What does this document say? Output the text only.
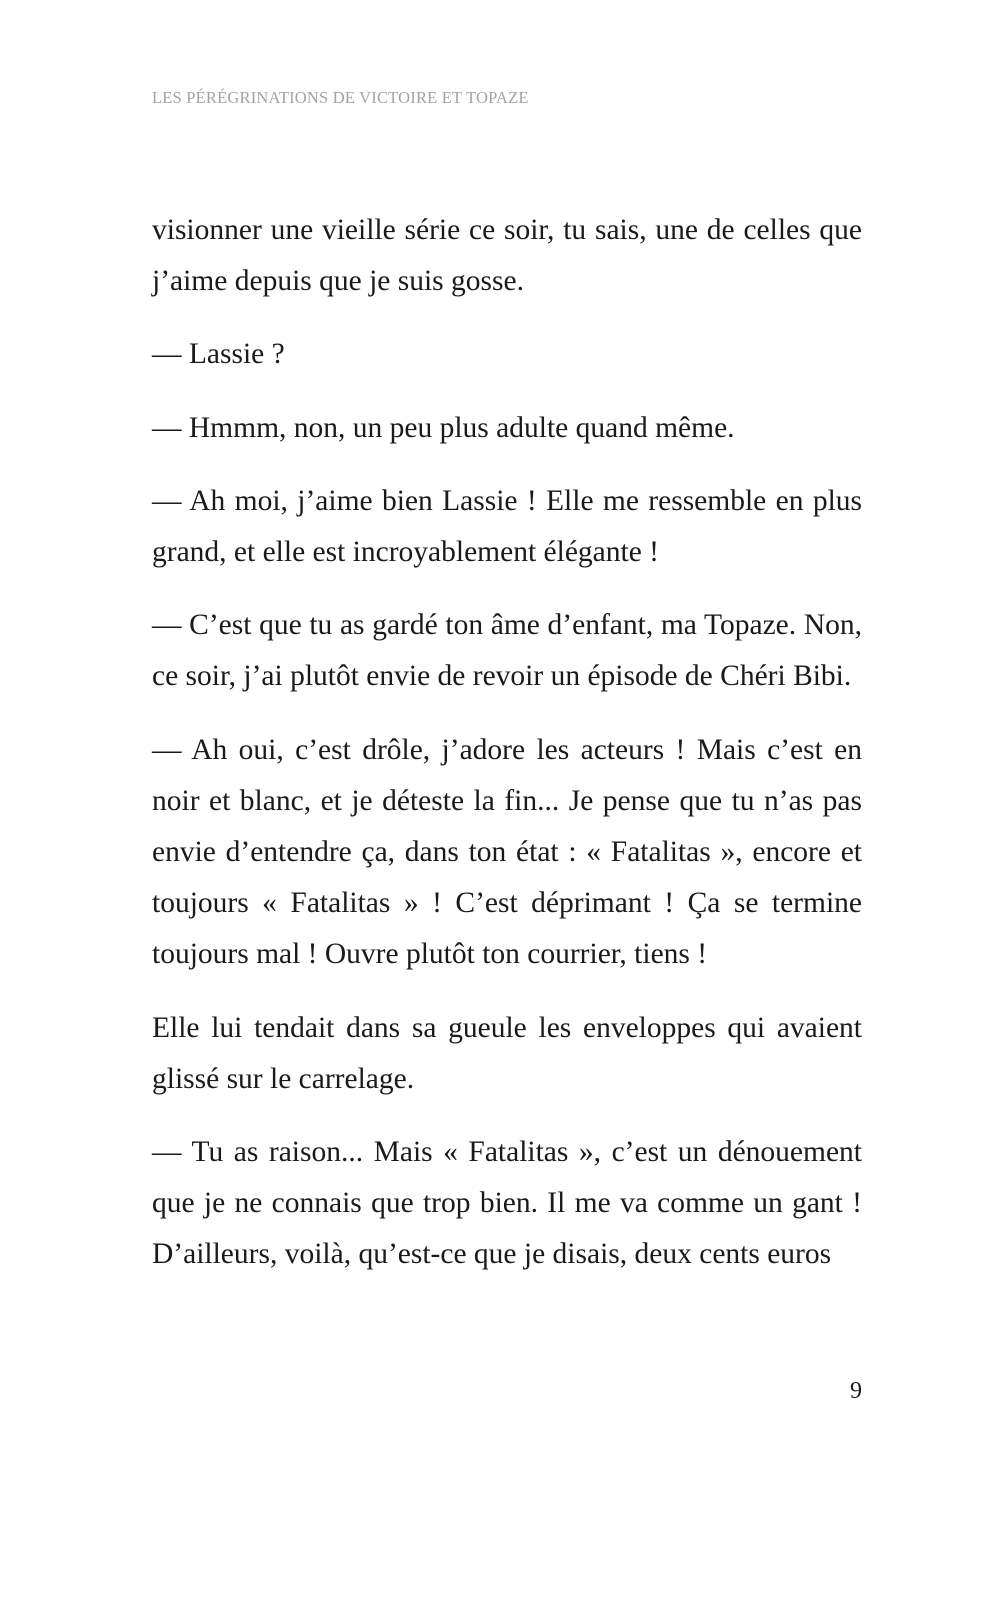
LES PÉRÉGRINATIONS DE VICTOIRE ET TOPAZE

visionner une vieille série ce soir, tu sais, une de celles que j’aime depuis que je suis gosse.

— Lassie ?

— Hmmm, non, un peu plus adulte quand même.

— Ah moi, j’aime bien Lassie ! Elle me ressemble en plus grand, et elle est incroyablement élégante !

— C’est que tu as gardé ton âme d’enfant, ma Topaze. Non, ce soir, j’ai plutôt envie de revoir un épisode de Chéri Bibi.

— Ah oui, c’est drôle, j’adore les acteurs ! Mais c’est en noir et blanc, et je déteste la fin... Je pense que tu n’as pas envie d’entendre ça, dans ton état : « Fatalitas », encore et toujours « Fatalitas » ! C’est déprimant ! Ça se termine toujours mal ! Ouvre plutôt ton courrier, tiens !

Elle lui tendait dans sa gueule les enveloppes qui avaient glissé sur le carrelage.

— Tu as raison... Mais « Fatalitas », c’est un dénouement que je ne connais que trop bien. Il me va comme un gant ! D’ailleurs, voilà, qu’est-ce que je disais, deux cents euros

9
